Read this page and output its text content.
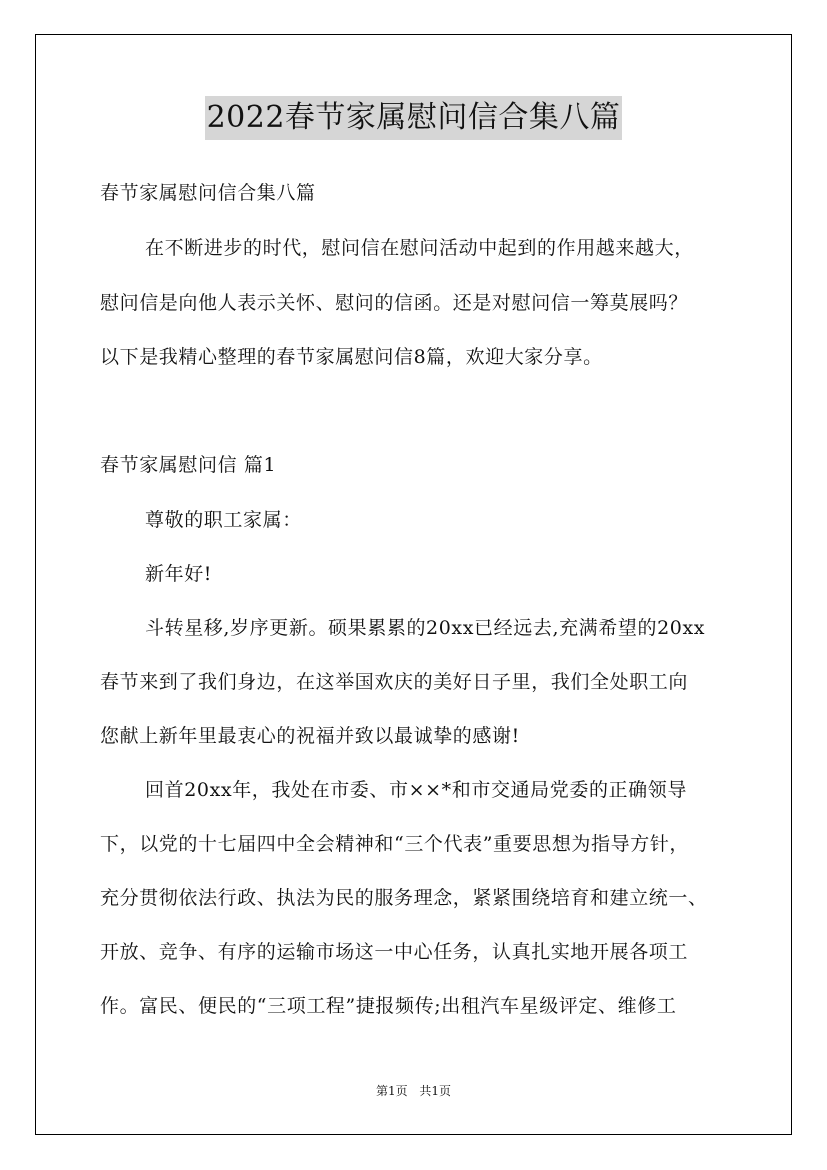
2022春节家属慰问信合集八篇
春节家属慰问信合集八篇
在不断进步的时代，慰问信在慰问活动中起到的作用越来越大，
慰问信是向他人表示关怀、慰问的信函。还是对慰问信一筹莫展吗？
以下是我精心整理的春节家属慰问信8篇，欢迎大家分享。
春节家属慰问信 篇1
尊敬的职工家属：
新年好!
斗转星移,岁序更新。硕果累累的20xx已经远去,充满希望的20xx
春节来到了我们身边，在这举国欢庆的美好日子里，我们全处职工向
您献上新年里最衷心的祝福并致以最诚挚的感谢!
回首20xx年，我处在市委、市××*和市交通局党委的正确领导
下，以党的十七届四中全会精神和“三个代表”重要思想为指导方针，
充分贯彻依法行政、执法为民的服务理念，紧紧围绕培育和建立统一、
开放、竞争、有序的运输市场这一中心任务，认真扎实地开展各项工
作。富民、便民的“三项工程”捷报频传;出租汽车星级评定、维修工
第1页 共1页
